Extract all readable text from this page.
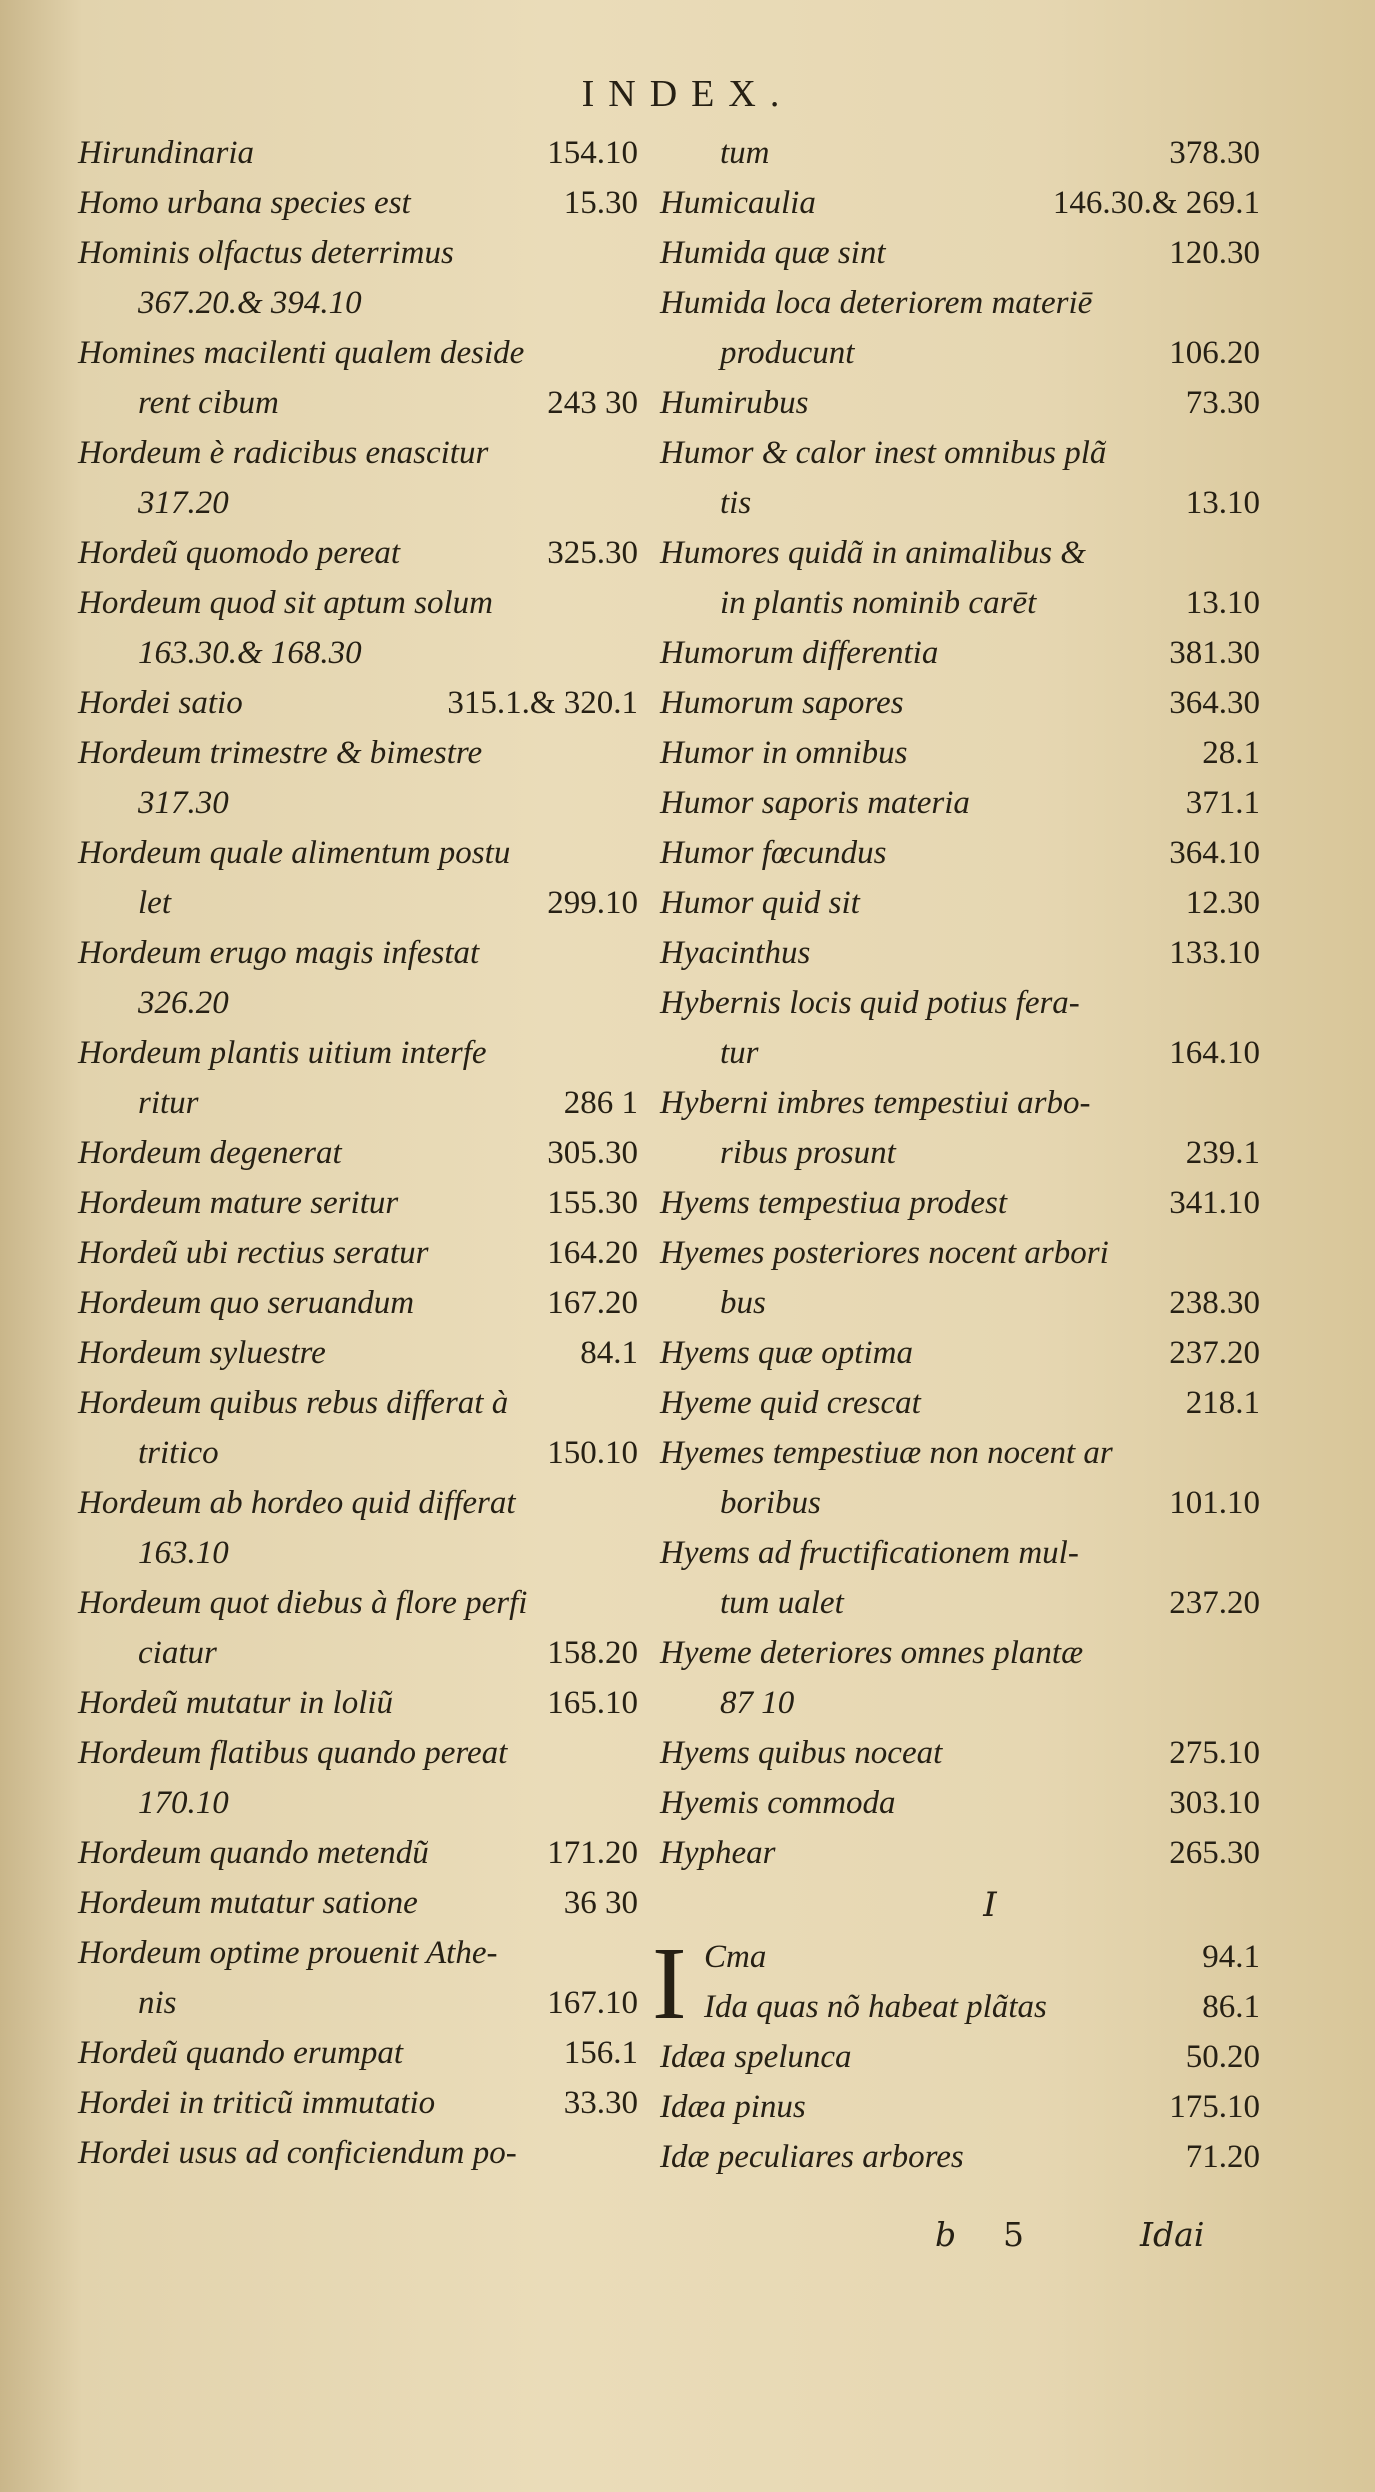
INDEX.
Hirundinaria	154.10
Homo urbana species est	15.30
Hominis olfactus deterrimus
367.20.& 394.10
Homines macilenti qualem deside
rent cibum	243 30
Hordeum è radicibus enascitur
317.20
Hordeũ quomodo pereat	325.30
Hordeum quod sit aptum solum
163.30.& 168.30
Hordei satio	315.1.& 320.1
Hordeum trimestre & bimestre
317.30
Hordeum quale alimentum postu
let	299.10
Hordeum erugo magis infestat
326.20
Hordeum plantis uitium interfe
ritur	286 1
Hordeum degenerat	305.30
Hordeum mature seritur	155.30
Hordeũ ubi rectius seratur	164.20
Hordeum quo seruandum	167.20
Hordeum syluestre	84.1
Hordeum quibus rebus differat à
tritico	150.10
Hordeum ab hordeo quid differat
163.10
Hordeum quot diebus à flore perfi
ciatur	158.20
Hordeũ mutatur in loliũ	165.10
Hordeum flatibus quando pereat
170.10
Hordeum quando metendũ	171.20
Hordeum mutatur satione	36 30
Hordeum optime prouenit Athe-
nis	167.10
Hordeũ quando erumpat	156.1
Hordei in triticũ immutatio	33.30
Hordei usus ad conficiendum po-
tum	378.30
Humicaulia	146.30.& 269.1
Humida quæ sint	120.30
Humida loca deteriorem materiē
producunt	106.20
Humirubus	73.30
Humor & calor inest omnibus plã
tis	13.10
Humores quidã in animalibus &
in plantis nominib carēt	13.10
Humorum differentia	381.30
Humorum sapores	364.30
Humor in omnibus	28.1
Humor saporis materia	371.1
Humor fœcundus	364.10
Humor quid sit	12.30
Hyacinthus	133.10
Hybernis locis quid potius fera-
tur	164.10
Hyberni imbres tempestiui arbo-
ribus prosunt	239.1
Hyems tempestiua prodest	341.10
Hyemes posteriores nocent arbori
bus	238.30
Hyems quæ optima	237.20
Hyeme quid crescat	218.1
Hyemes tempestiuæ non nocent ar
boribus	101.10
Hyems ad fructificationem mul-
tum ualet	237.20
Hyeme deteriores omnes plantæ
87 10
Hyems quibus noceat	275.10
Hyemis commoda	303.10
Hyphear	265.30
I
I Cma	94.1
Ida quas nõ habeat plãtas	86.1
Idæa spelunca	50.20
Idæa pinus	175.10
Idæ peculiares arbores	71.20
b 5	Idai
